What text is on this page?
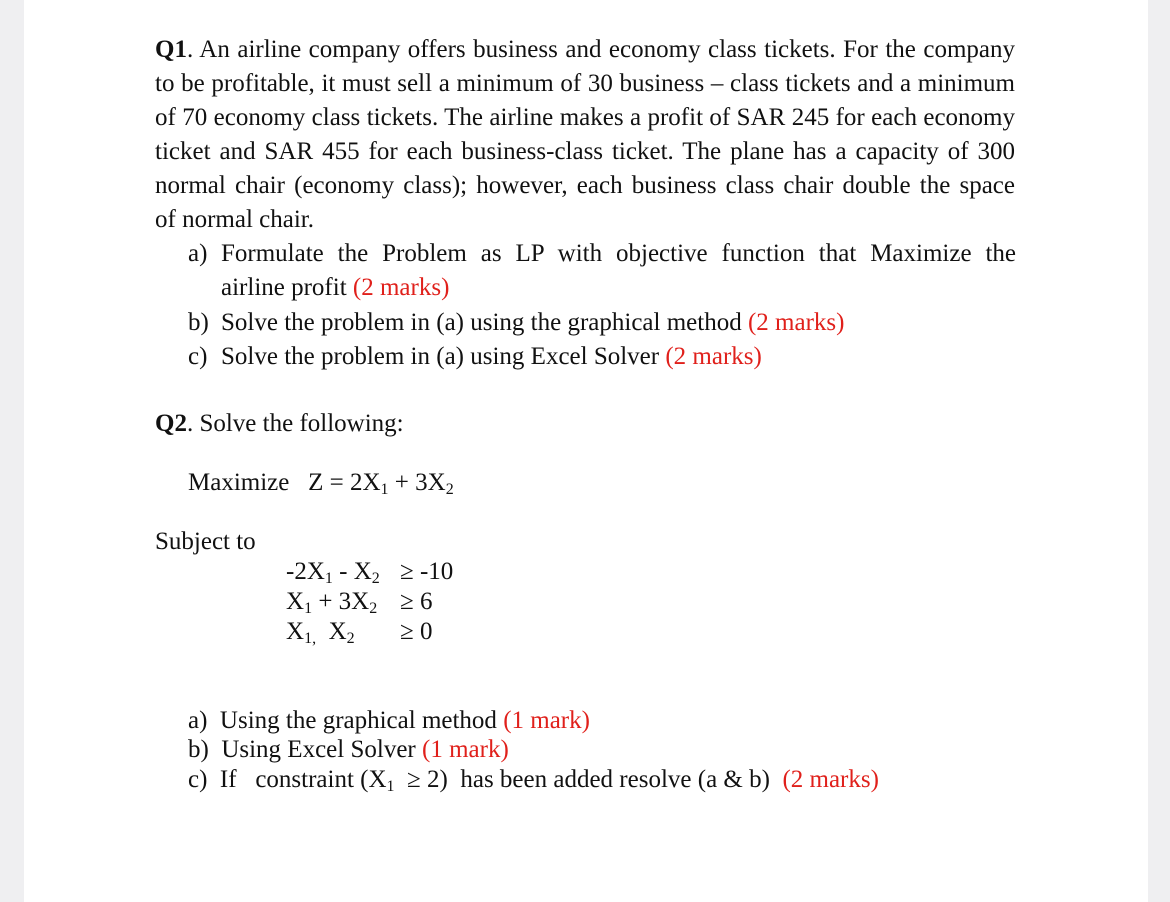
Q1. An airline company offers business and economy class tickets. For the company
to be profitable, it must sell a minimum of 30 business – class tickets and a minimum
of 70 economy class tickets. The airline makes a profit of SAR 245 for each economy
ticket and SAR 455 for each business-class ticket. The plane has a capacity of 300
normal chair (economy class); however, each business class chair double the space
of normal chair.
a) Formulate the Problem as LP with objective function that Maximize the
airline profit (2 marks)
b) Solve the problem in (a) using the graphical method (2 marks)
c) Solve the problem in (a) using Excel Solver (2 marks)
Q2. Solve the following:
Maximize $Z = 2X_1 + 3X_2$
Subject to
$-2X_1 - X_2 \ge -10$
$X_1 + 3X_2 \ge 6$
$X_{1,}$  $X_2 \ge 0$
a) Using the graphical method (1 mark)
b) Using Excel Solver (1 mark)
c) If   constraint $(X_1 \ge 2)$  has been added resolve (a & b)  (2 marks)
